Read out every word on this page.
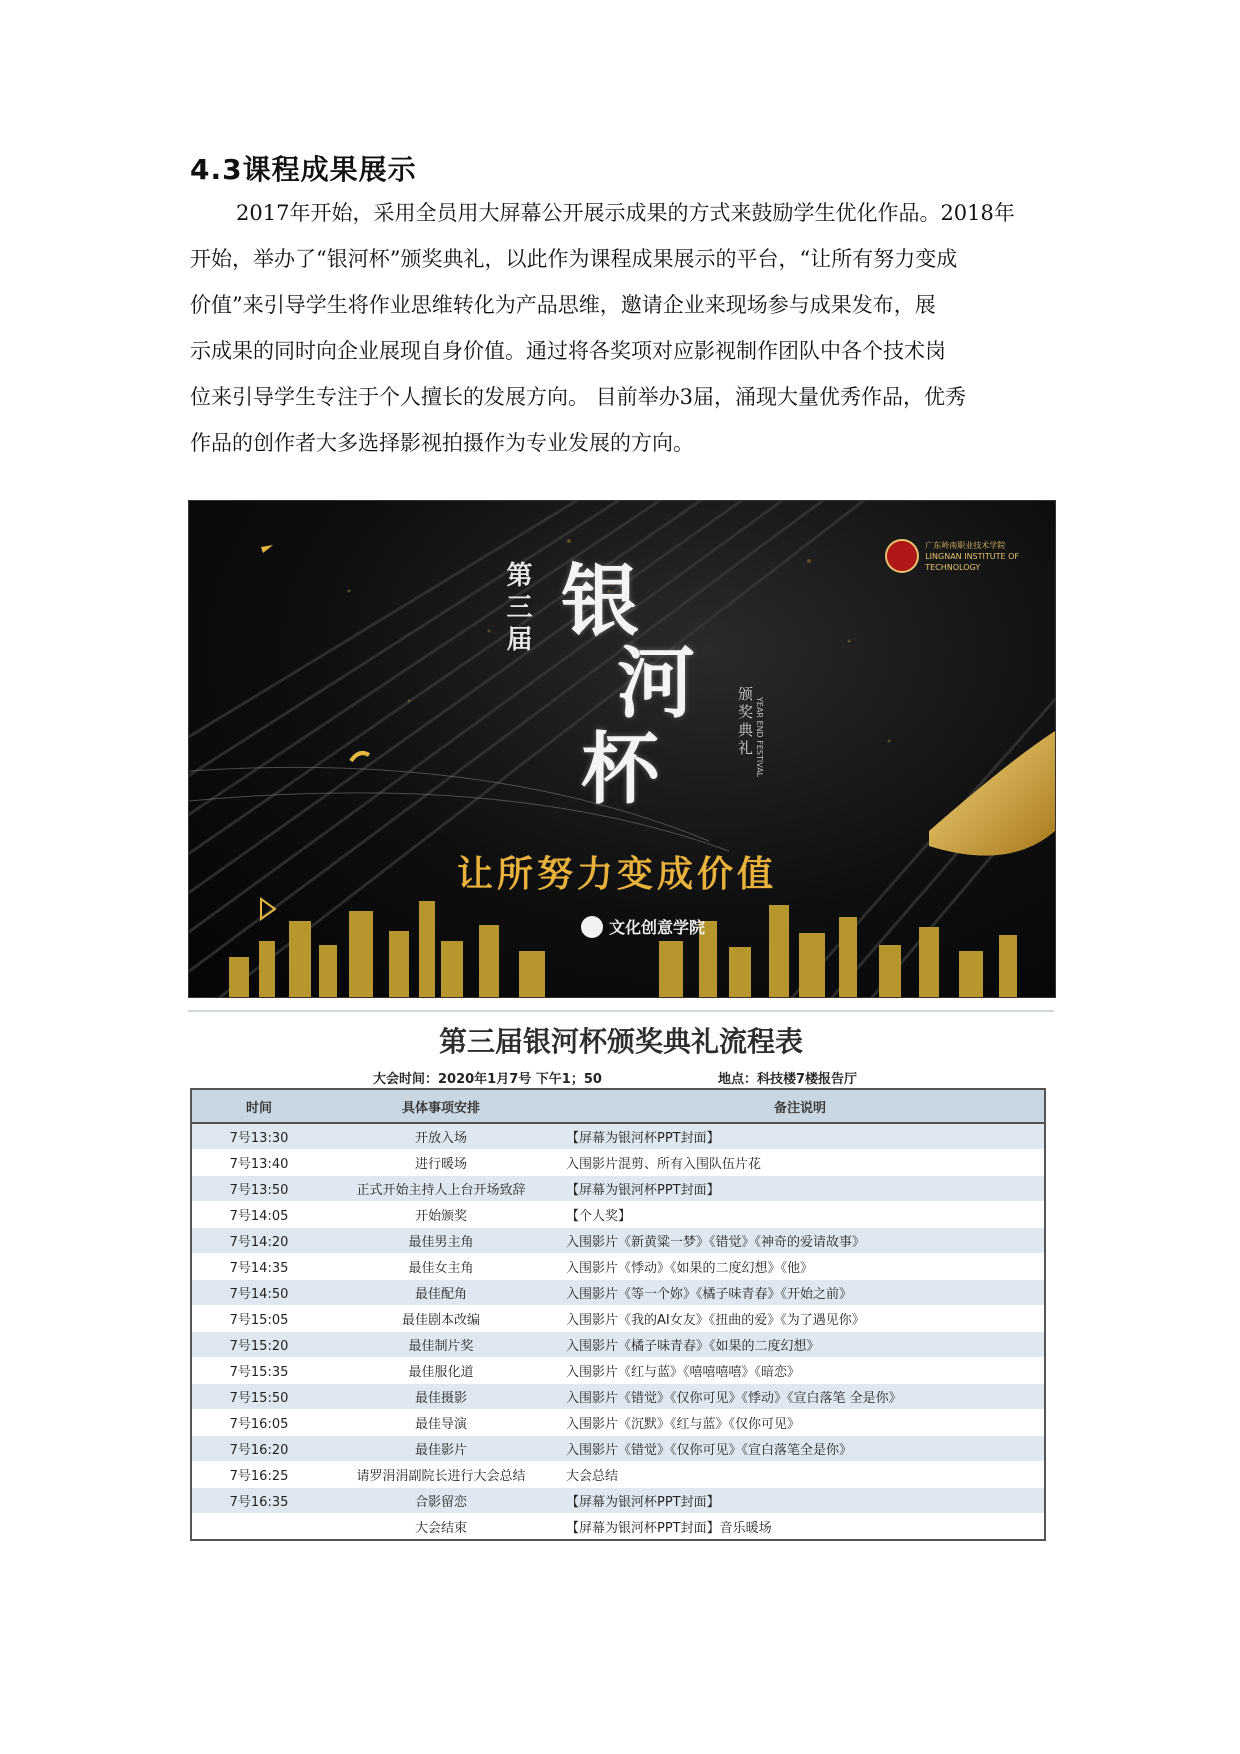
4.3课程成果展示
2017年开始，采用全员用大屏幕公开展示成果的方式来鼓励学生优化作品。2018年
开始，举办了“银河杯”颁奖典礼，以此作为课程成果展示的平台，“让所有努力变成
价值”来引导学生将作业思维转化为产品思维，邀请企业来现场参与成果发布，展
示成果的同时向企业展现自身价值。通过将各奖项对应影视制作团队中各个技术岗
位来引导学生专注于个人擅长的发展方向。 目前举办3届，涌现大量优秀作品，优秀
作品的创作者大多选择影视拍摄作为专业发展的方向。
广东岭南职业技术学院
LINGNAN INSTITUTE OF
TECHNOLOGY
第三届 银
河
杯
颁奖典礼 YEAR END FESTIVAL
让所努力变成价值
文化创意学院
第三届银河杯颁奖典礼流程表
大会时间：2020年1月7号 下午1；50	地点：科技楼7楼报告厅
时间	具体事项安排	备注说明
7号13:30	开放入场	【屏幕为银河杯PPT封面】
7号13:40	进行暖场	入围影片混剪、所有入围队伍片花
7号13:50	正式开始主持人上台开场致辞	【屏幕为银河杯PPT封面】
7号14:05	开始颁奖	【个人奖】
7号14:20	最佳男主角	入围影片《新黄粱一梦》《错觉》《神奇的爱请故事》
7号14:35	最佳女主角	入围影片《悸动》《如果的二度幻想》《他》
7号14:50	最佳配角	入围影片《等一个妳》《橘子味青春》《开始之前》
7号15:05	最佳剧本改编	入围影片《我的AI女友》《扭曲的爱》《为了遇见你》
7号15:20	最佳制片奖	入围影片《橘子味青春》《如果的二度幻想》
7号15:35	最佳服化道	入围影片《红与蓝》《嘻嘻嘻嘻》《暗恋》
7号15:50	最佳摄影	入围影片《错觉》《仅你可见》《悸动》《宣白落笔 全是你》
7号16:05	最佳导演	入围影片《沉默》《红与蓝》《仅你可见》
7号16:20	最佳影片	入围影片《错觉》《仅你可见》《宣白落笔全是你》
7号16:25	请罗涓涓副院长进行大会总结	大会总结
7号16:35	合影留恋	【屏幕为银河杯PPT封面】
	大会结束	【屏幕为银河杯PPT封面】音乐暖场
